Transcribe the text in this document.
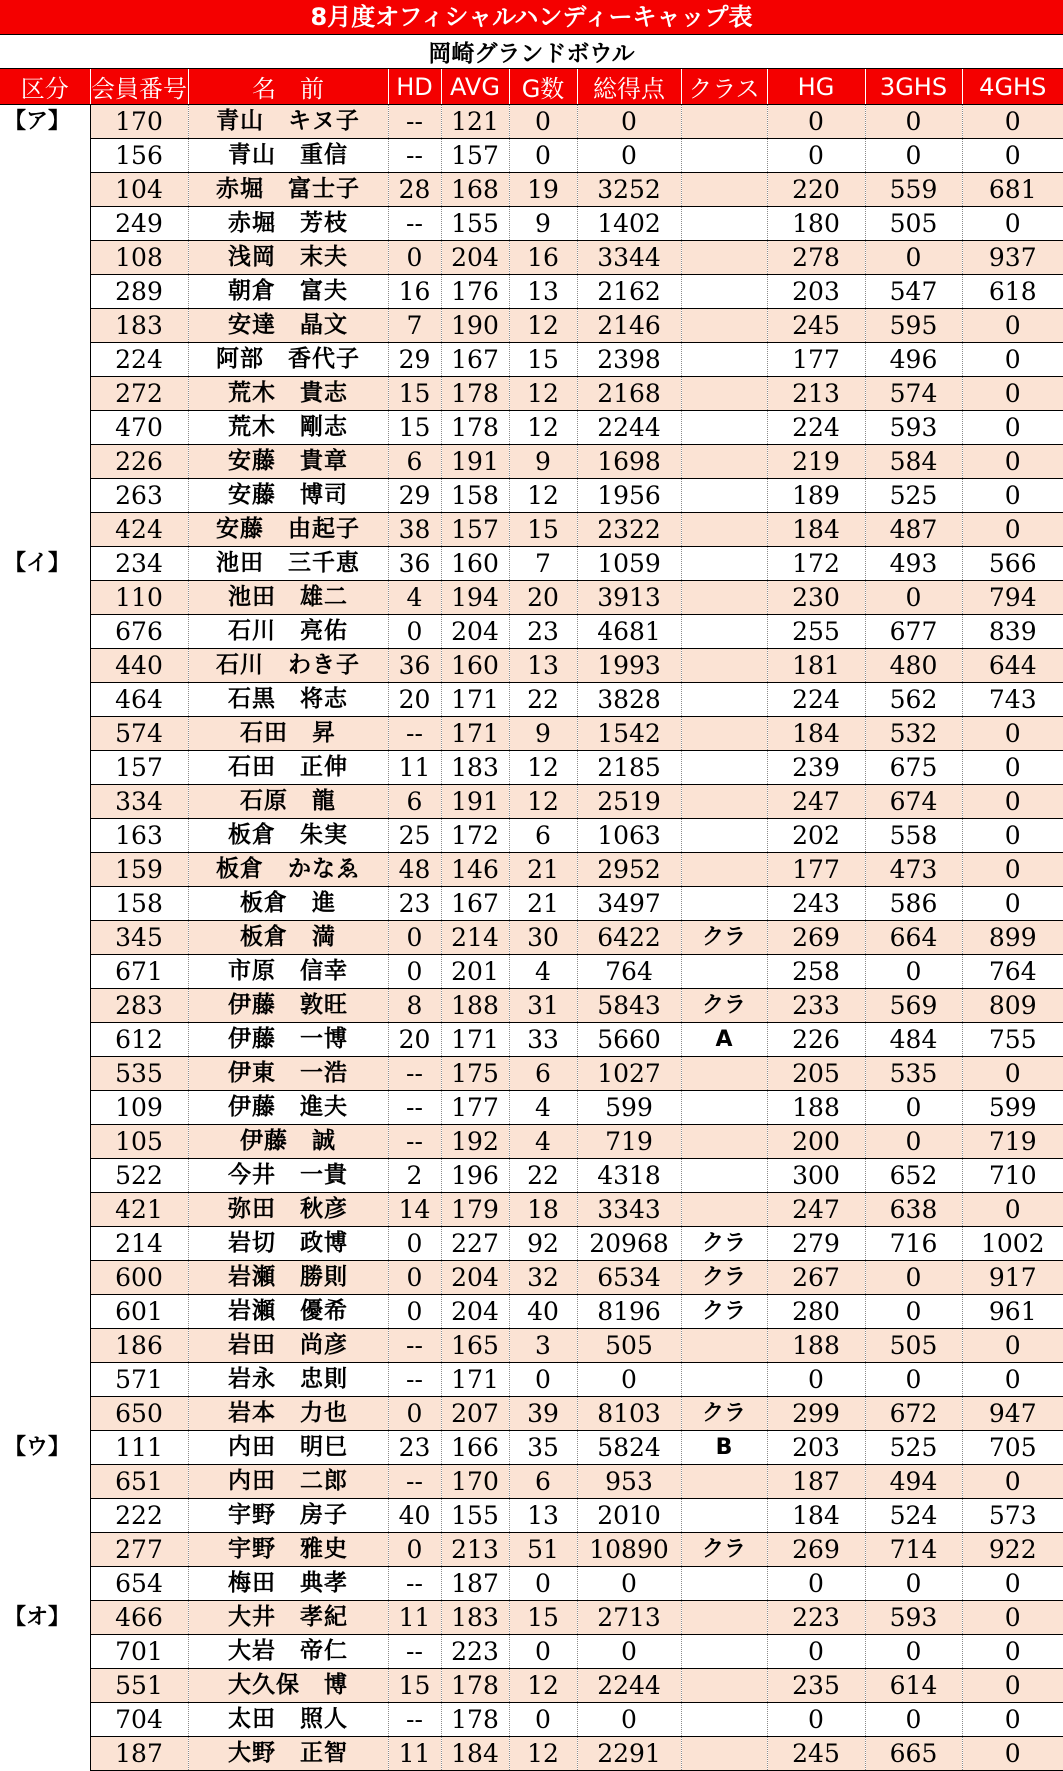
8月度オフィシャルハンディーキャップ表
岡崎グランドボウル
区分	会員番号	名　前	HD	AVG	G数	総得点	クラス	HG	3GHS	4GHS
【ア】	170	青山　キヌ子	--	121	0	0		0	0	0
	156	青山　重信	--	157	0	0		0	0	0
	104	赤堀　富士子	28	168	19	3252		220	559	681
	249	赤堀　芳枝	--	155	9	1402		180	505	0
	108	浅岡　末夫	0	204	16	3344		278	0	937
	289	朝倉　富夫	16	176	13	2162		203	547	618
	183	安達　晶文	7	190	12	2146		245	595	0
	224	阿部　香代子	29	167	15	2398		177	496	0
	272	荒木　貴志	15	178	12	2168		213	574	0
	470	荒木　剛志	15	178	12	2244		224	593	0
	226	安藤　貴章	6	191	9	1698		219	584	0
	263	安藤　博司	29	158	12	1956		189	525	0
	424	安藤　由起子	38	157	15	2322		184	487	0
【イ】	234	池田　三千恵	36	160	7	1059		172	493	566
	110	池田　雄二	4	194	20	3913		230	0	794
	676	石川　亮佑	0	204	23	4681		255	677	839
	440	石川　わき子	36	160	13	1993		181	480	644
	464	石黒　将志	20	171	22	3828		224	562	743
	574	石田　昇	--	171	9	1542		184	532	0
	157	石田　正伸	11	183	12	2185		239	675	0
	334	石原　龍	6	191	12	2519		247	674	0
	163	板倉　朱実	25	172	6	1063		202	558	0
	159	板倉　かなゑ	48	146	21	2952		177	473	0
	158	板倉　進	23	167	21	3497		243	586	0
	345	板倉　満	0	214	30	6422	クラ	269	664	899
	671	市原　信幸	0	201	4	764		258	0	764
	283	伊藤　敦旺	8	188	31	5843	クラ	233	569	809
	612	伊藤　一博	20	171	33	5660	A	226	484	755
	535	伊東　一浩	--	175	6	1027		205	535	0
	109	伊藤　進夫	--	177	4	599		188	0	599
	105	伊藤　誠	--	192	4	719		200	0	719
	522	今井　一貴	2	196	22	4318		300	652	710
	421	弥田　秋彦	14	179	18	3343		247	638	0
	214	岩切　政博	0	227	92	20968	クラ	279	716	1002
	600	岩瀬　勝則	0	204	32	6534	クラ	267	0	917
	601	岩瀬　優希	0	204	40	8196	クラ	280	0	961
	186	岩田　尚彦	--	165	3	505		188	505	0
	571	岩永　忠則	--	171	0	0		0	0	0
	650	岩本　力也	0	207	39	8103	クラ	299	672	947
【ウ】	111	内田　明巳	23	166	35	5824	B	203	525	705
	651	内田　二郎	--	170	6	953		187	494	0
	222	宇野　房子	40	155	13	2010		184	524	573
	277	宇野　雅史	0	213	51	10890	クラ	269	714	922
	654	梅田　典孝	--	187	0	0		0	0	0
【オ】	466	大井　孝紀	11	183	15	2713		223	593	0
	701	大岩　帝仁	--	223	0	0		0	0	0
	551	大久保　博	15	178	12	2244		235	614	0
	704	太田　照人	--	178	0	0		0	0	0
	187	大野　正智	11	184	12	2291		245	665	0
